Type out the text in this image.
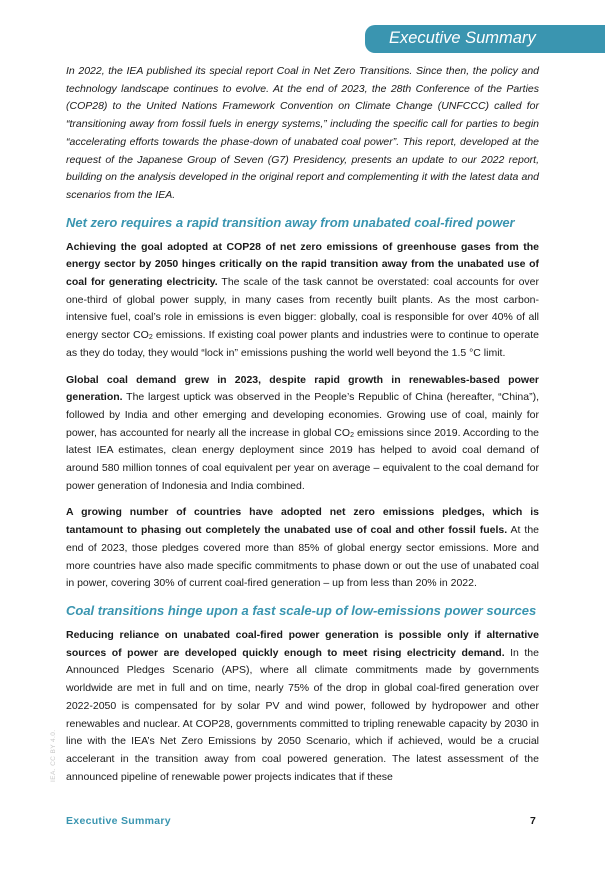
Executive Summary

In 2022, the IEA published its special report Coal in Net Zero Transitions. Since then, the policy and technology landscape continues to evolve. At the end of 2023, the 28th Conference of the Parties (COP28) to the United Nations Framework Convention on Climate Change (UNFCCC) called for “transitioning away from fossil fuels in energy systems,” including the specific call for parties to begin “accelerating efforts towards the phase-down of unabated coal power”. This report, developed at the request of the Japanese Group of Seven (G7) Presidency, presents an update to our 2022 report, building on the analysis developed in the original report and complementing it with the latest data and scenarios from the IEA.

Net zero requires a rapid transition away from unabated coal-fired power

Achieving the goal adopted at COP28 of net zero emissions of greenhouse gases from the energy sector by 2050 hinges critically on the rapid transition away from the unabated use of coal for generating electricity. The scale of the task cannot be overstated: coal accounts for over one-third of global power supply, in many cases from recently built plants. As the most carbon-intensive fuel, coal’s role in emissions is even bigger: globally, coal is responsible for over 40% of all energy sector CO2 emissions. If existing coal power plants and industries were to continue to operate as they do today, they would “lock in” emissions pushing the world well beyond the 1.5 °C limit.

Global coal demand grew in 2023, despite rapid growth in renewables-based power generation. The largest uptick was observed in the People’s Republic of China (hereafter, “China”), followed by India and other emerging and developing economies. Growing use of coal, mainly for power, has accounted for nearly all the increase in global CO2 emissions since 2019. According to the latest IEA estimates, clean energy deployment since 2019 has helped to avoid coal demand of around 580 million tonnes of coal equivalent per year on average – equivalent to the coal demand for power generation of Indonesia and India combined.

A growing number of countries have adopted net zero emissions pledges, which is tantamount to phasing out completely the unabated use of coal and other fossil fuels. At the end of 2023, those pledges covered more than 85% of global energy sector emissions. More and more countries have also made specific commitments to phase down or out the use of unabated coal in power, covering 30% of current coal-fired generation – up from less than 20% in 2022.

Coal transitions hinge upon a fast scale-up of low-emissions power sources

Reducing reliance on unabated coal-fired power generation is possible only if alternative sources of power are developed quickly enough to meet rising electricity demand. In the Announced Pledges Scenario (APS), where all climate commitments made by governments worldwide are met in full and on time, nearly 75% of the drop in global coal-fired generation over 2022-2050 is compensated for by solar PV and wind power, followed by hydropower and other renewables and nuclear. At COP28, governments committed to tripling renewable capacity by 2030 in line with the IEA’s Net Zero Emissions by 2050 Scenario, which if achieved, would be a crucial accelerant in the transition away from coal powered generation. The latest assessment of the announced pipeline of renewable power projects indicates that if these

IEA. CC BY 4.0.
Executive Summary	7
